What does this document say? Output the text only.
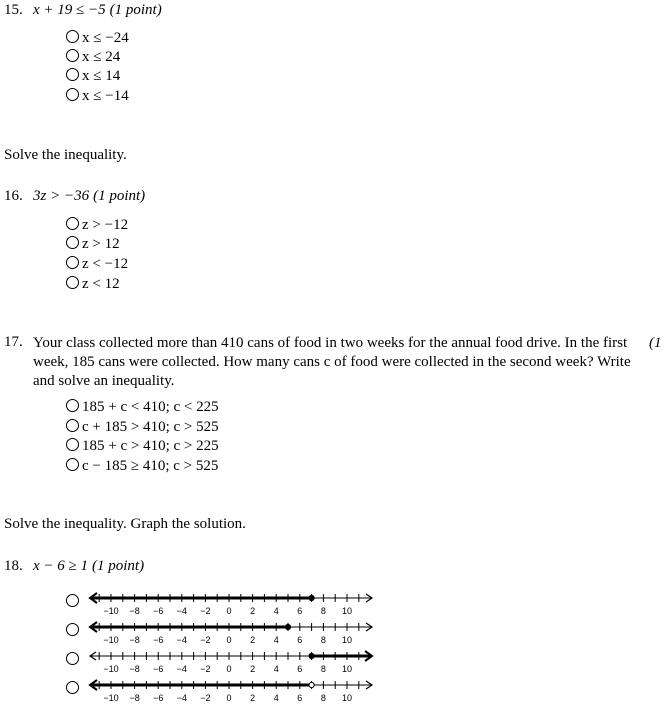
15. x + 19 ≤ −5 (1 point)
x ≤ −24
x ≤ 24
x ≤ 14
x ≤ −14
Solve the inequality.
16. 3z > −36 (1 point)
z > −12
z > 12
z < −12
z < 12
17. Your class collected more than 410 cans of food in two weeks for the annual food drive. In the first week, 185 cans were collected. How many cans c of food were collected in the second week? Write and solve an inequality.
(1
185 + c < 410; c < 225
c + 185 > 410; c > 525
185 + c > 410; c > 225
c − 185 ≥ 410; c > 525
Solve the inequality. Graph the solution.
18. x − 6 ≥ 1 (1 point)
−10 −8 −6 −4 −2 0 2 4 6 8 10
−10 −8 −6 −4 −2 0 2 4 6 8 10
−10 −8 −6 −4 −2 0 2 4 6 8 10
−10 −8 −6 −4 −2 0 2 4 6 8 10
